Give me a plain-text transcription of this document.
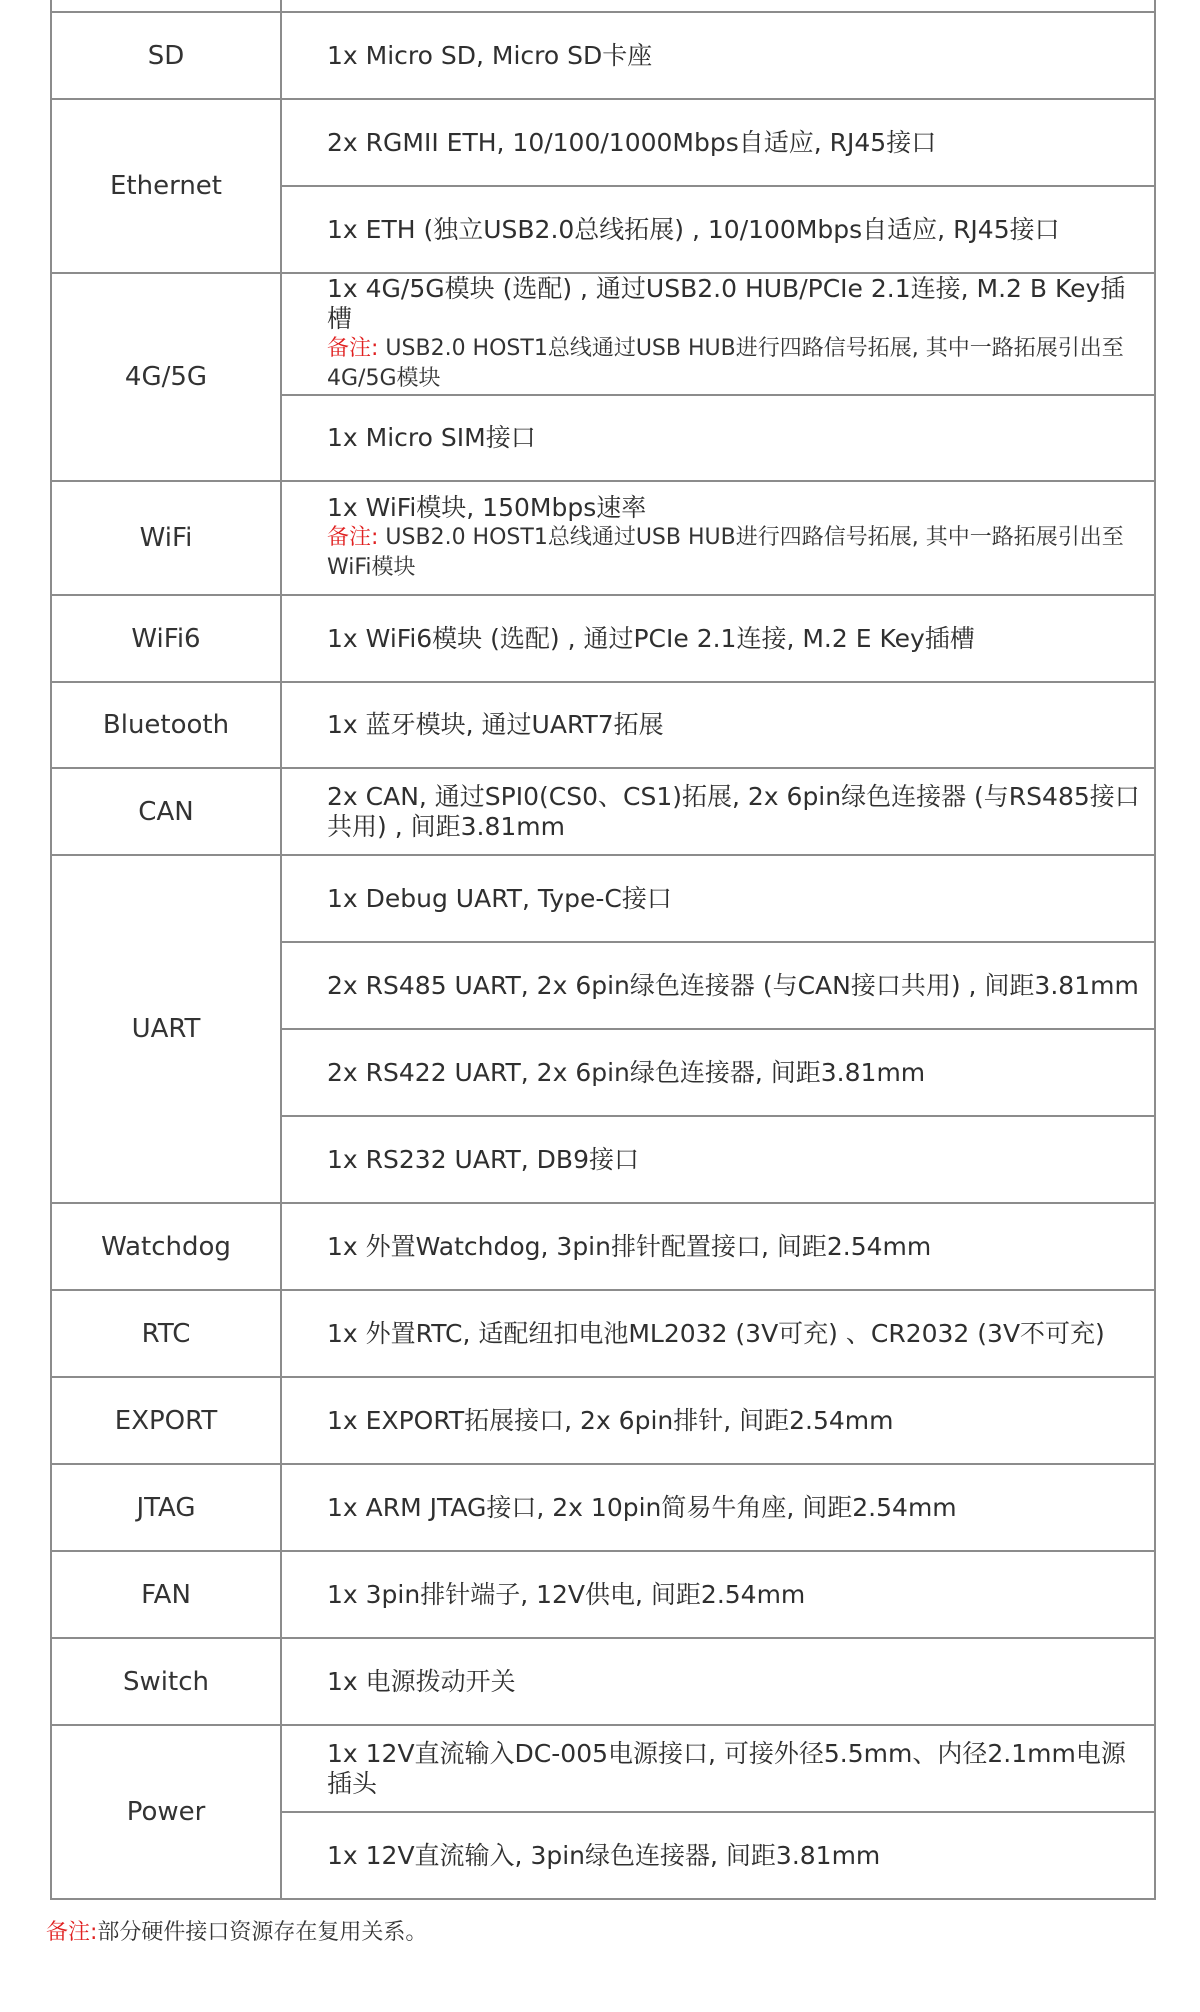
SD	1x Micro SD, Micro SD卡座
Ethernet	2x RGMII ETH, 10/100/1000Mbps自适应, RJ45接口
	1x ETH (独立USB2.0总线拓展) , 10/100Mbps自适应, RJ45接口
4G/5G	1x 4G/5G模块 (选配) , 通过USB2.0 HUB/PCIe 2.1连接, M.2 B Key插槽
备注: USB2.0 HOST1总线通过USB HUB进行四路信号拓展, 其中一路拓展引出至4G/5G模块

	1x Micro SIM接口
WiFi	1x WiFi模块, 150Mbps速率
备注: USB2.0 HOST1总线通过USB HUB进行四路信号拓展, 其中一路拓展引出至WiFi模块

WiFi6	1x WiFi6模块 (选配) , 通过PCIe 2.1连接, M.2 E Key插槽
Bluetooth	1x 蓝牙模块, 通过UART7拓展
CAN	2x CAN, 通过SPI0(CS0、CS1)拓展, 2x 6pin绿色连接器 (与RS485接口共用) , 间距3.81mm
UART	1x Debug UART, Type-C接口
	2x RS485 UART, 2x 6pin绿色连接器 (与CAN接口共用) , 间距3.81mm
	2x RS422 UART, 2x 6pin绿色连接器, 间距3.81mm
	1x RS232 UART, DB9接口
Watchdog	1x 外置Watchdog, 3pin排针配置接口, 间距2.54mm
RTC	1x 外置RTC, 适配纽扣电池ML2032 (3V可充) 、CR2032 (3V不可充)
EXPORT	1x EXPORT拓展接口, 2x 6pin排针, 间距2.54mm
JTAG	1x ARM JTAG接口, 2x 10pin简易牛角座, 间距2.54mm
FAN	1x 3pin排针端子, 12V供电, 间距2.54mm
Switch	1x 电源拨动开关
Power	1x 12V直流输入DC-005电源接口, 可接外径5.5mm、内径2.1mm电源插头
	1x 12V直流输入, 3pin绿色连接器, 间距3.81mm
备注:部分硬件接口资源存在复用关系。
